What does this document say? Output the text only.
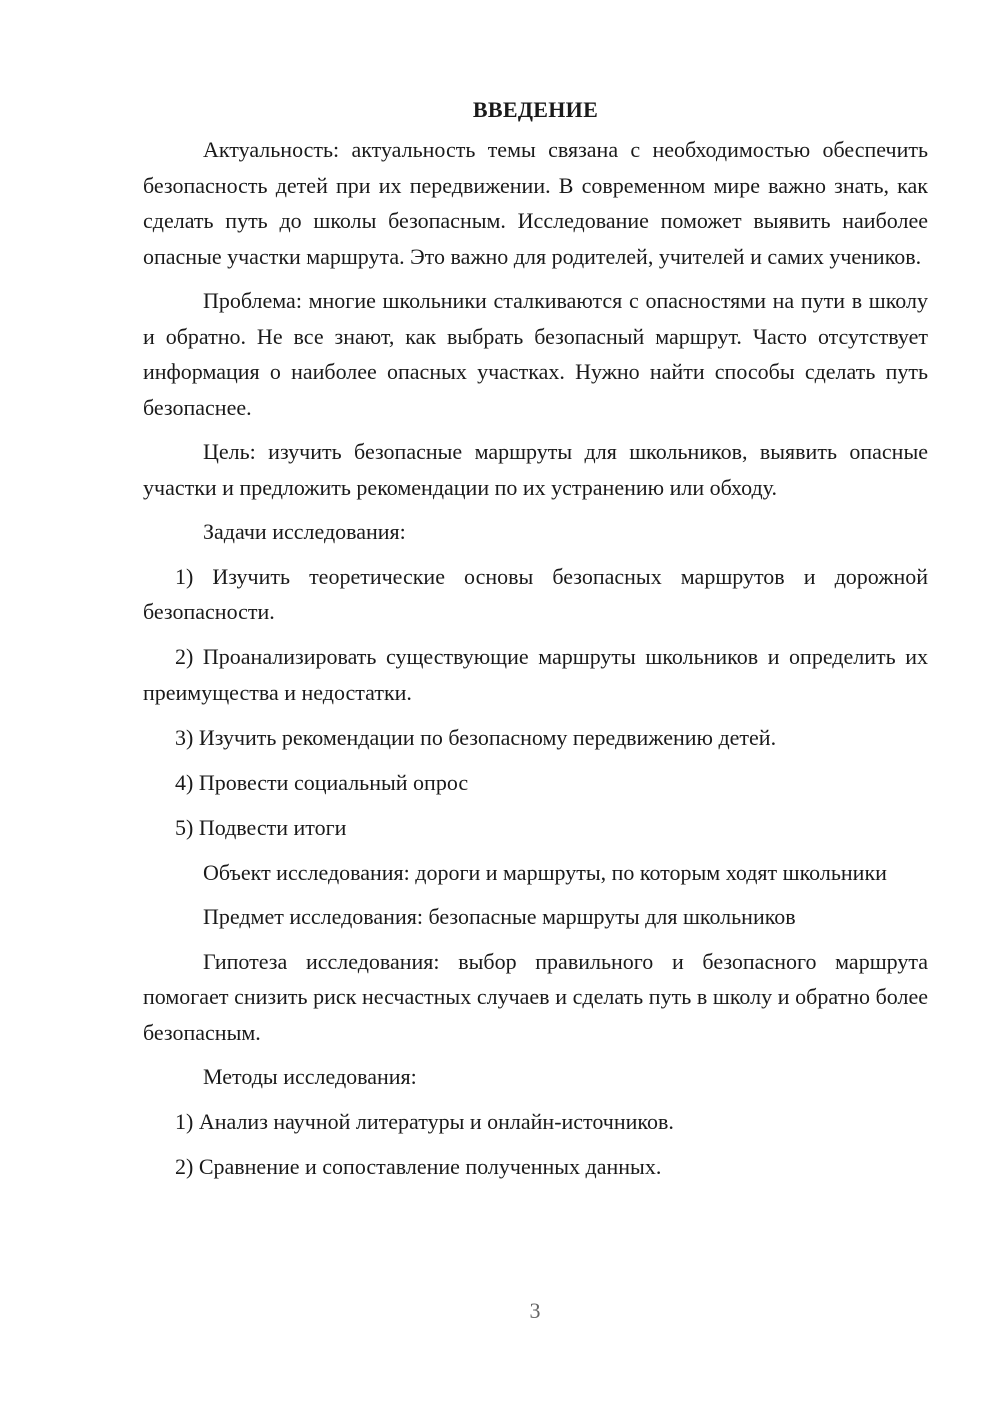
ВВЕДЕНИЕ

Актуальность: актуальность темы связана с необходимостью обеспечить безопасность детей при их передвижении. В современном мире важно знать, как сделать путь до школы безопасным. Исследование поможет выявить наиболее опасные участки маршрута. Это важно для родителей, учителей и самих учеников.

Проблема: многие школьники сталкиваются с опасностями на пути в школу и обратно. Не все знают, как выбрать безопасный маршрут. Часто отсутствует информация о наиболее опасных участках. Нужно найти способы сделать путь безопаснее.

Цель: изучить безопасные маршруты для школьников, выявить опасные участки и предложить рекомендации по их устранению или обходу.

Задачи исследования:

1) Изучить теоретические основы безопасных маршрутов и дорожной безопасности.

2) Проанализировать существующие маршруты школьников и определить их преимущества и недостатки.

3) Изучить рекомендации по безопасному передвижению детей.

4) Провести социальный опрос

5) Подвести итоги

Объект исследования: дороги и маршруты, по которым ходят школьники

Предмет исследования: безопасные маршруты для школьников

Гипотеза исследования: выбор правильного и безопасного маршрута помогает снизить риск несчастных случаев и сделать путь в школу и обратно более безопасным.

Методы исследования:

1) Анализ научной литературы и онлайн-источников.

2) Сравнение и сопоставление полученных данных.

3
